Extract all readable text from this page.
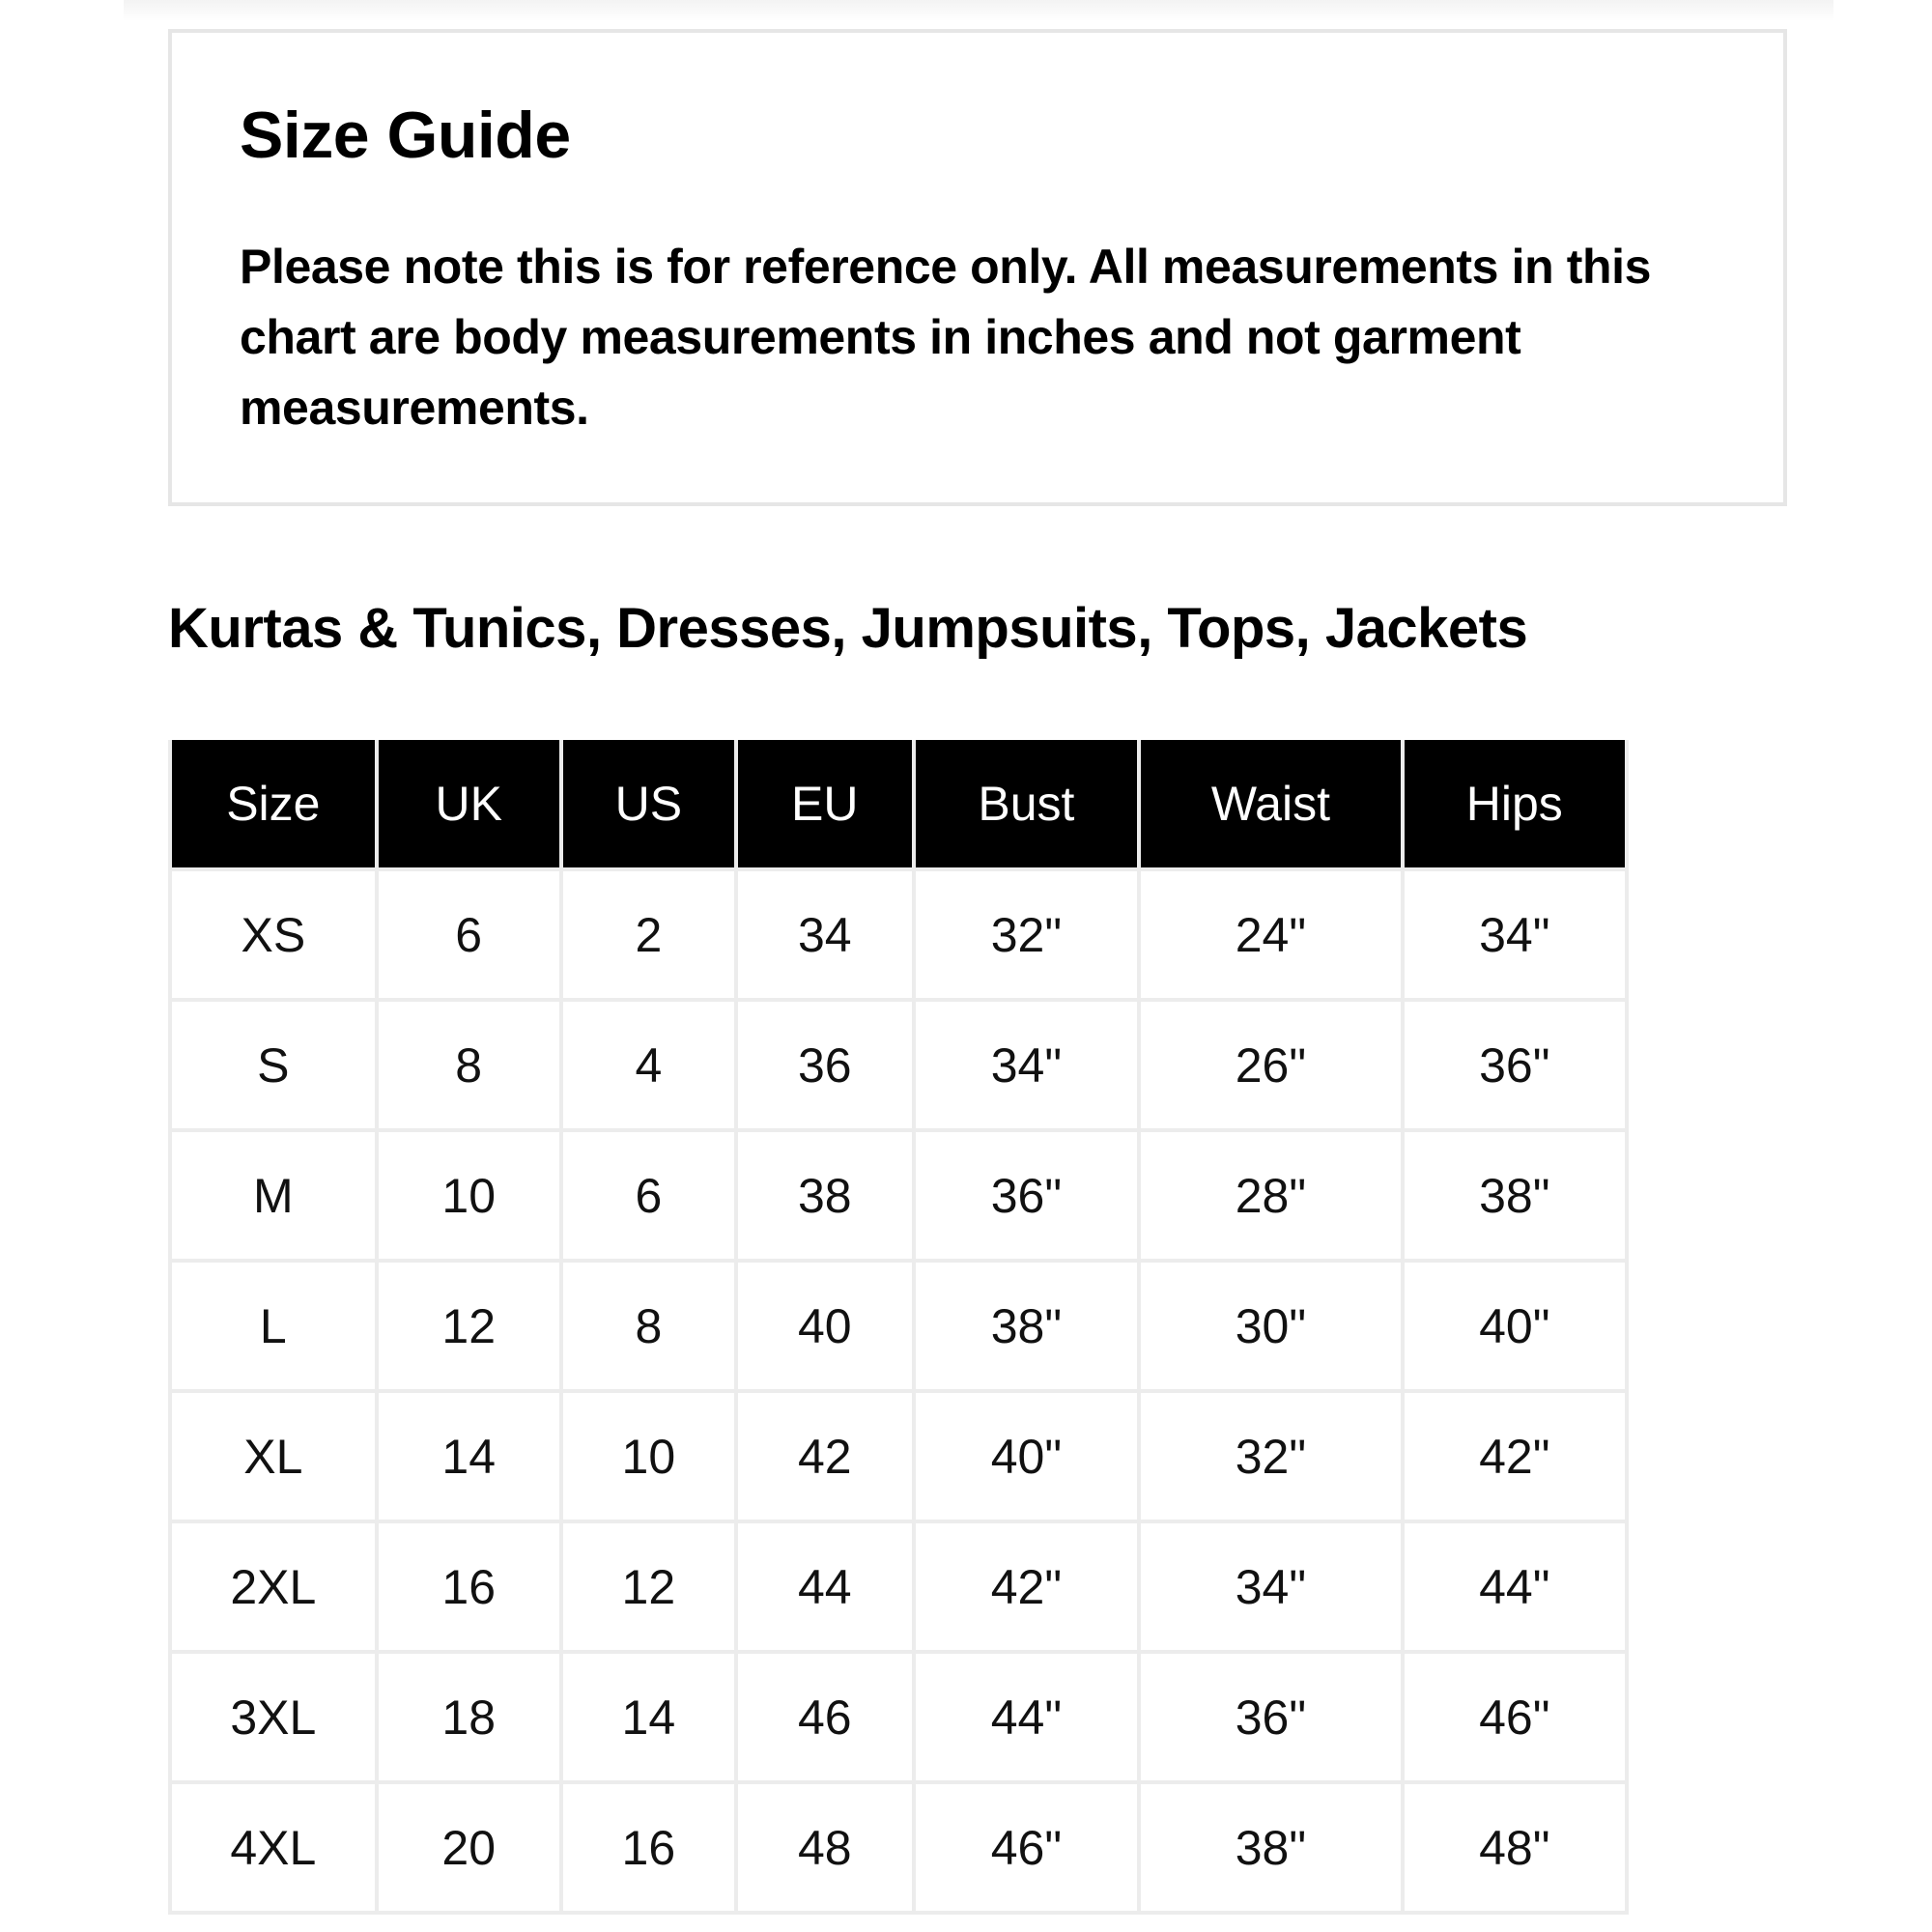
Size Guide

Please note this is for reference only. All measurements in this chart are body measurements in inches and not garment measurements.

Kurtas & Tunics, Dresses, Jumpsuits, Tops, Jackets
Size	UK	US	EU	Bust	Waist	Hips
XS	6	2	34	32"	24"	34"
S	8	4	36	34"	26"	36"
M	10	6	38	36"	28"	38"
L	12	8	40	38"	30"	40"
XL	14	10	42	40"	32"	42"
2XL	16	12	44	42"	34"	44"
3XL	18	14	46	44"	36"	46"
4XL	20	16	48	46"	38"	48"
